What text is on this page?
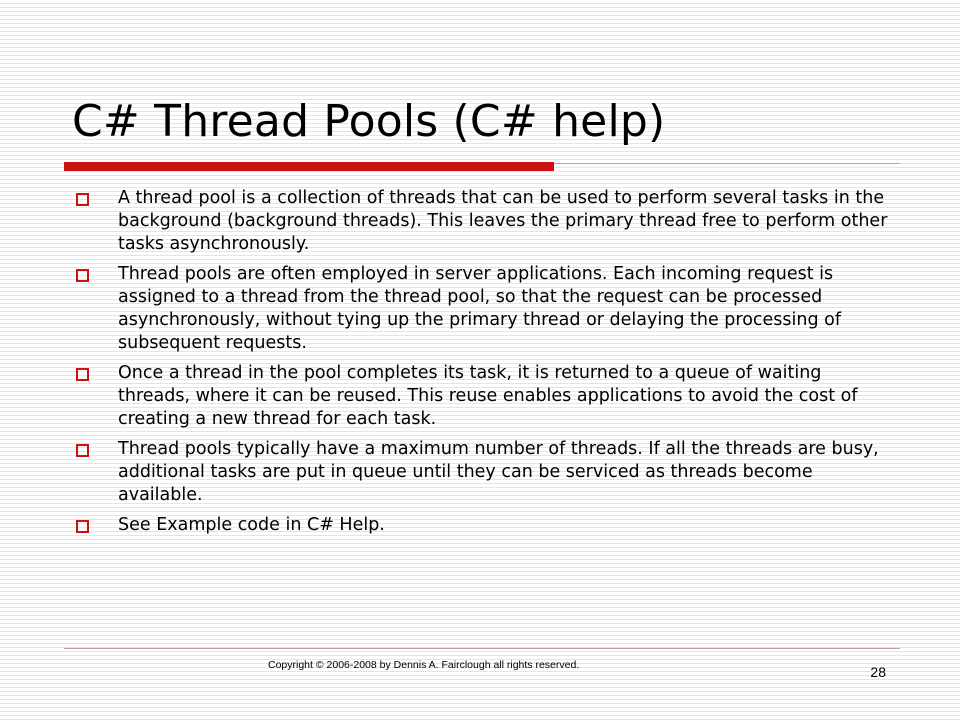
C# Thread Pools (C# help)
A thread pool is a collection of threads that can be used to perform several tasks in the background (background threads). This leaves the primary thread free to perform other tasks asynchronously.
Thread pools are often employed in server applications. Each incoming request is assigned to a thread from the thread pool, so that the request can be processed asynchronously, without tying up the primary thread or delaying the processing of subsequent requests.
Once a thread in the pool completes its task, it is returned to a queue of waiting threads, where it can be reused. This reuse enables applications to avoid the cost of creating a new thread for each task.
Thread pools typically have a maximum number of threads. If all the threads are busy, additional tasks are put in queue until they can be serviced as threads become available.
See Example code in C# Help.
Copyright © 2006-2008 by Dennis A. Fairclough all rights reserved.	28
